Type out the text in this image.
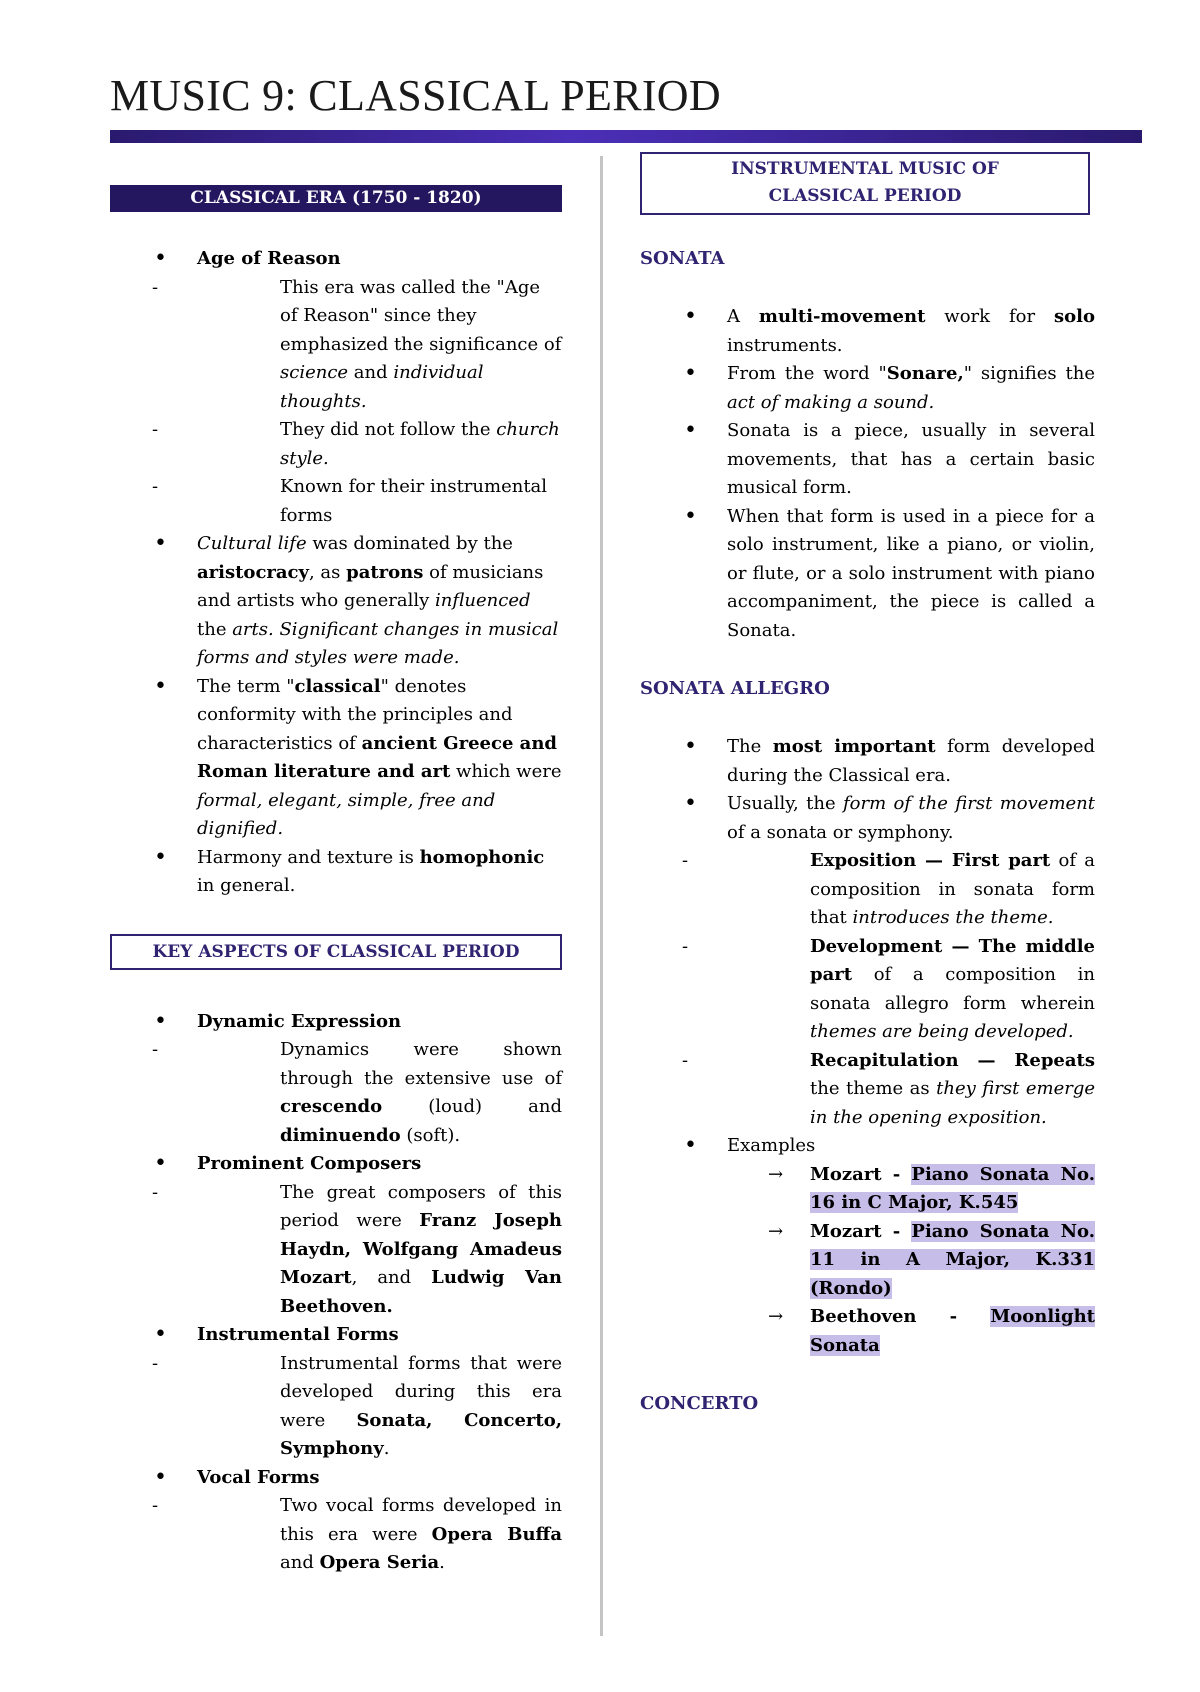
MUSIC 9: CLASSICAL PERIOD
CLASSICAL ERA (1750 - 1820)
• Age of Reason
- This era was called the "Age of Reason" since they emphasized the significance of science and individual thoughts.
- They did not follow the church style.
- Known for their instrumental forms
• Cultural life was dominated by the aristocracy, as patrons of musicians and artists who generally influenced the arts. Significant changes in musical forms and styles were made.
• The term "classical" denotes conformity with the principles and characteristics of ancient Greece and Roman literature and art which were formal, elegant, simple, free and dignified.
• Harmony and texture is homophonic in general.
KEY ASPECTS OF CLASSICAL PERIOD
• Dynamic Expression
- Dynamics were shown through the extensive use of crescendo (loud) and diminuendo (soft).
• Prominent Composers
- The great composers of this period were Franz Joseph Haydn, Wolfgang Amadeus Mozart, and Ludwig Van Beethoven.
• Instrumental Forms
- Instrumental forms that were developed during this era were Sonata, Concerto, Symphony.
• Vocal Forms
- Two vocal forms developed in this era were Opera Buffa and Opera Seria.
INSTRUMENTAL MUSIC OF
CLASSICAL PERIOD
SONATA
• A multi-movement work for solo instruments.
• From the word "Sonare," signifies the act of making a sound.
• Sonata is a piece, usually in several movements, that has a certain basic musical form.
• When that form is used in a piece for a solo instrument, like a piano, or violin, or flute, or a solo instrument with piano accompaniment, the piece is called a Sonata.
SONATA ALLEGRO
• The most important form developed during the Classical era.
• Usually, the form of the first movement of a sonata or symphony.
- Exposition — First part of a composition in sonata form that introduces the theme.
- Development — The middle part of a composition in sonata allegro form wherein themes are being developed.
- Recapitulation — Repeats the theme as they first emerge in the opening exposition.
• Examples
→ Mozart - Piano Sonata No. 16 in C Major, K.545
→ Mozart - Piano Sonata No. 11 in A Major, K.331 (Rondo)
→ Beethoven - Moonlight Sonata
CONCERTO
